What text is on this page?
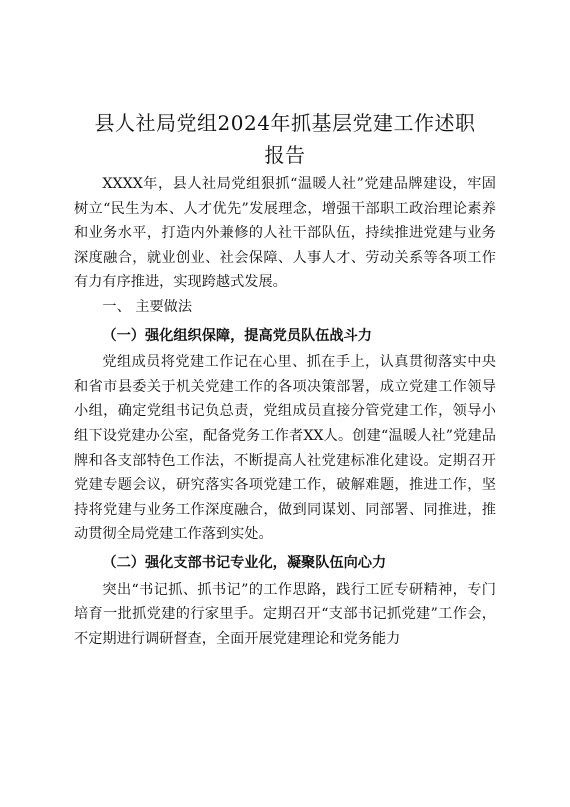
县人社局党组2024年抓基层党建工作述职
报告

XXXX年，县人社局党组狠抓“温暖人社”党建品牌建设，牢固树立“民生为本、人才优先”发展理念，增强干部职工政治理论素养和业务水平，打造内外兼修的人社干部队伍，持续推进党建与业务深度融合，就业创业、社会保障、人事人才、劳动关系等各项工作有力有序推进，实现跨越式发展。

一、 主要做法

（一）强化组织保障，提高党员队伍战斗力

党组成员将党建工作记在心里、抓在手上，认真贯彻落实中央和省市县委关于机关党建工作的各项决策部署，成立党建工作领导小组，确定党组书记负总责，党组成员直接分管党建工作，领导小组下设党建办公室，配备党务工作者XX人。创建“温暖人社”党建品牌和各支部特色工作法，不断提高人社党建标准化建设。定期召开党建专题会议，研究落实各项党建工作，破解难题，推进工作，坚持将党建与业务工作深度融合，做到同谋划、同部署、同推进，推动贯彻全局党建工作落到实处。

（二）强化支部书记专业化，凝聚队伍向心力

突出“书记抓、抓书记”的工作思路，践行工匠专研精神，专门培育一批抓党建的行家里手。定期召开“支部书记抓党建”工作会，不定期进行调研督查，全面开展党建理论和党务能力
